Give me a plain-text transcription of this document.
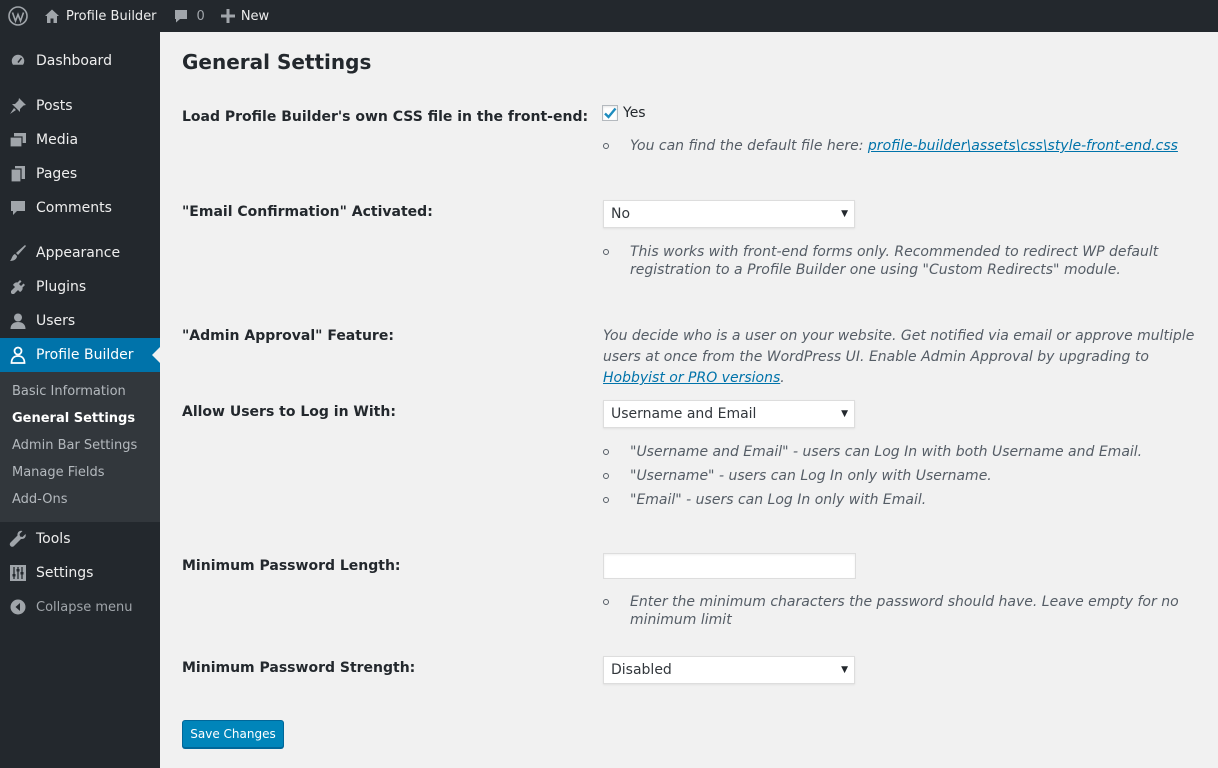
Profile Builder	0	New
Dashboard
Posts
Media
Pages
Comments
Appearance
Plugins
Users
Profile Builder
Basic Information
General Settings
Admin Bar Settings
Manage Fields
Add-Ons
Tools
Settings
Collapse menu
General Settings
Load Profile Builder's own CSS file in the front-end:	Yes
You can find the default file here: profile-builder\assets\css\style-front-end.css
"Email Confirmation" Activated:	No	▼
This works with front-end forms only. Recommended to redirect WP default registration to a Profile Builder one using "Custom Redirects" module.
"Admin Approval" Feature:	You decide who is a user on your website. Get notified via email or approve multiple users at once from the WordPress UI. Enable Admin Approval by upgrading to Hobbyist or PRO versions.
Allow Users to Log in With:	Username and Email	▼
"Username and Email" - users can Log In with both Username and Email.
"Username" - users can Log In only with Username.
"Email" - users can Log In only with Email.
Minimum Password Length:
Enter the minimum characters the password should have. Leave empty for no minimum limit
Minimum Password Strength:	Disabled	▼
Save Changes
